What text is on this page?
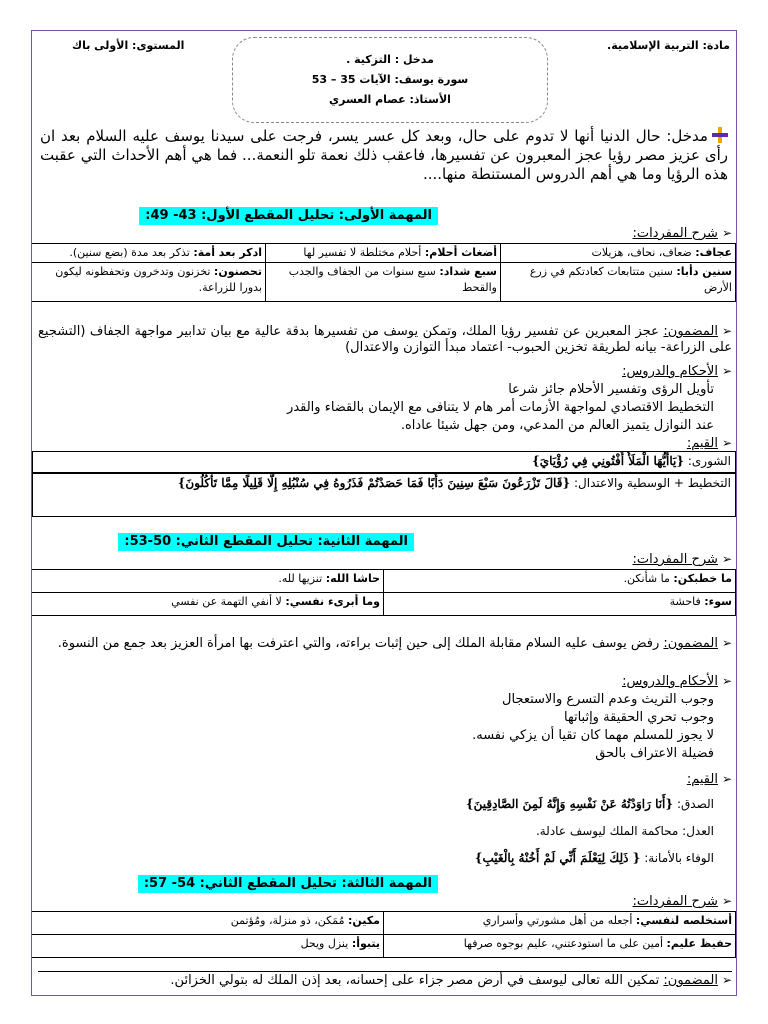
مادة: التربية الإسلامية.
المستوى: الأولى باك
مدخل : التزكية .
سورة يوسف: الآيات 35 – 53
الأستاذ: عصام العسري
مدخل: حال الدنيا أنها لا تدوم على حال، وبعد كل عسر يسر، فرجت على سيدنا يوسف عليه السلام بعد ان رأى عزيز مصر رؤيا عجز المعبرون عن تفسيرها، فاعقب ذلك نعمة تلو النعمة... فما هي أهم الأحداث التي عقبت هذه الرؤيا وما هي أهم الدروس المستنطة منها....
المهمة الأولى: تحليل المقطع الأول: 43- 49:
➢شرح المفردات:
عجاف: ضعاف، نحاف، هزيلات	أضغاث أحلام: أحلام مختلطة لا تفسير لها	ادكر بعد أمة: تذكر بعد مدة (بضع سنين).
سنين دأبا: سنين متتابعات كعادتكم في زرع الأرض	سبع شداد: سبع سنوات من الجفاف والجدب والقحط	تحصنون: تخزنون وتدخرون وتحفظونه ليكون بدورا للزراعة.
➢المضمون: عجز المعبرين عن تفسير رؤيا الملك، وتمكن يوسف من تفسيرها بدقة عالية مع بيان تدابير مواجهة الجفاف (التشجيع على الزراعة- بيانه لطريقة تخزين الحبوب- اعتماد مبدأ التوازن والاعتدال)
➢الأحكام والدروس:
• تأويل الرؤى وتفسير الأحلام جائز شرعا
• التخطيط الاقتصادي لمواجهة الأزمات أمر هام لا يتنافى مع الإيمان بالقضاء والقدر
• عند النوازل يتميز العالم من المدعي، ومن جهل شيئا عاداه.
➢القيم:
الشورى: {يَاأَيُّهَا الْمَلَأُ أَفْتُونِي فِي رُؤْيَايَ}
التخطيط + الوسطية والاعتدال: {قَالَ تَزْرَعُونَ سَبْعَ سِنِينَ دَأَبًا فَمَا حَصَدْتُمْ فَذَرُوهُ فِي سُنْبُلِهِ إِلَّا قَلِيلًا مِمَّا تَأْكُلُونَ}
المهمة الثانية: تحليل المقطع الثاني: 50-53:
➢شرح المفردات:
ما خطبكن: ما شأنكن.	حاشا الله: تنزيها لله.
سوء: فاحشة	وما أبرىء نفسي: لا أنفي التهمة عن نفسي
➢المضمون: رفض يوسف عليه السلام مقابلة الملك إلى حين إثبات براءته، والتي اعترفت بها امرأة العزيز بعد جمع من النسوة.
➢الأحكام والدروس:
• وجوب التريث وعدم التسرع والاستعجال
• وجوب تحري الحقيقة وإثباتها
• لا يجوز للمسلم مهما كان تقيا أن يزكي نفسه.
• فضيلة الاعتراف بالحق
➢القيم:
• الصدق: {أَنَا رَاوَدْتُهُ عَنْ نَفْسِهِ وَإِنَّهُ لَمِنَ الصَّادِقِينَ}
• العدل: محاكمة الملك ليوسف عادلة.
• الوفاء بالأمانة: { ذَلِكَ لِيَعْلَمَ أَنِّي لَمْ أَخُنْهُ بِالْغَيْبِ}
المهمة الثالثة: تحليل المقطع الثاني: 54- 57:
➢شرح المفردات:
أستخلصه لنفسي: أجعله من أهل مشورتي وأسراري	مكين: مُمَكن، ذو منزلة، ومُؤتمن
حفيظ عليم: أمين على ما استودعتني، عليم بوجوه صرفها	يتبوأ: ينزل ويحل
➢المضمون: تمكين الله تعالى ليوسف في أرض مصر جزاء على إحسانه، بعد إذن الملك له بتولي الخزائن.
